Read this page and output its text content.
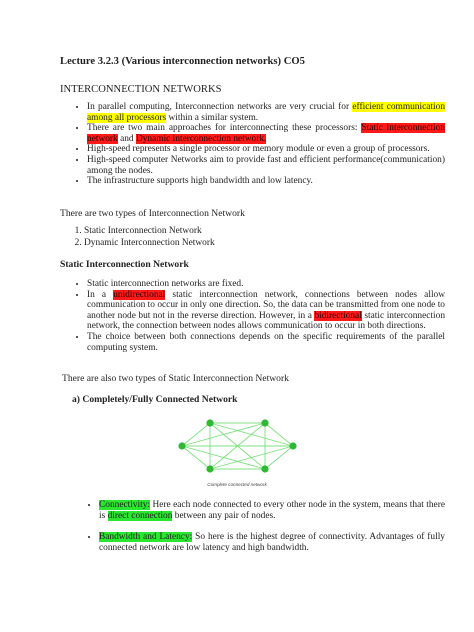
Lecture 3.2.3 (Various interconnection networks) CO5
INTERCONNECTION NETWORKS
• In parallel computing, Interconnection networks are very crucial for efficient communication among all processors within a similar system.
• There are two main approaches for interconnecting these processors: Static interconnection network and Dynamic interconnection network.
• High-speed represents a single processor or memory module or even a group of processors.
• High-speed computer Networks aim to provide fast and efficient performance(communication) among the nodes.
• The infrastructure supports high bandwidth and low latency.
There are two types of Interconnection Network
1. Static Interconnection Network
2. Dynamic Interconnection Network
Static Interconnection Network
• Static interconnection networks are fixed.
• In a unidirectional static interconnection network, connections between nodes allow communication to occur in only one direction. So, the data can be transmitted from one node to another node but not in the reverse direction. However, in a bidirectional static interconnection network, the connection between nodes allows communication to occur in both directions.
• The choice between both connections depends on the specific requirements of the parallel computing system.
There are also two types of Static Interconnection Network
a) Completely/Fully Connected Network
Complete connected network
• Connectivity: Here each node connected to every other node in the system, means that there is direct connection between any pair of nodes.
• Bandwidth and Latency: So here is the highest degree of connectivity. Advantages of fully connected network are low latency and high bandwidth.
